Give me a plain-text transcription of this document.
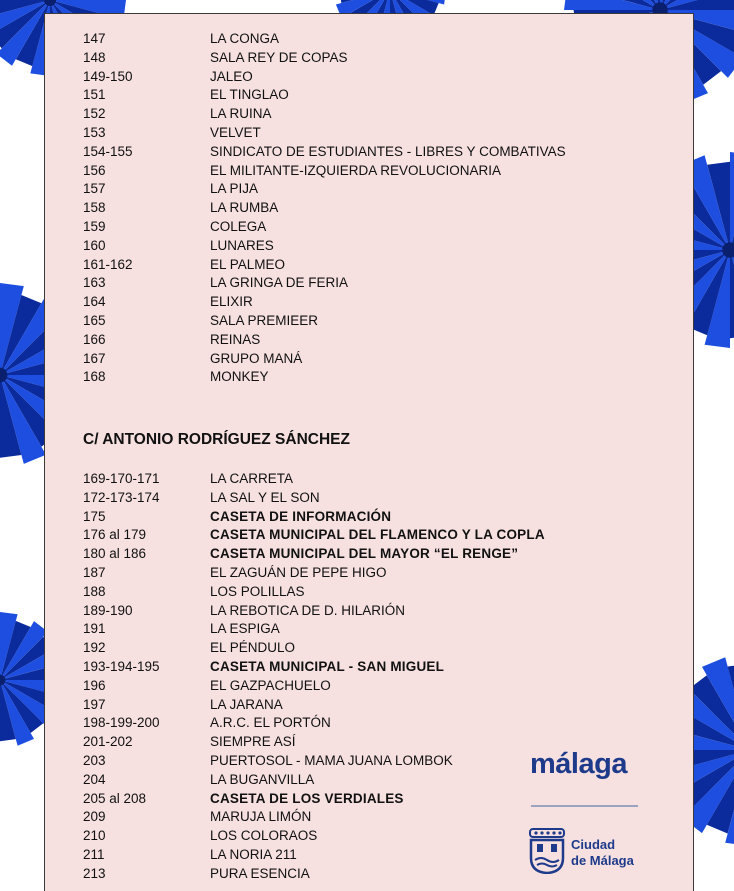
147	LA CONGA
148	SALA REY DE COPAS
149-150	JALEO
151	EL TINGLAO
152	LA RUINA
153	VELVET
154-155	SINDICATO DE ESTUDIANTES - LIBRES Y COMBATIVAS
156	EL MILITANTE-IZQUIERDA REVOLUCIONARIA
157	LA PIJA
158	LA RUMBA
159	COLEGA
160	LUNARES
161-162	EL PALMEO
163	LA GRINGA DE FERIA
164	ELIXIR
165	SALA PREMIEER
166	REINAS
167	GRUPO MANÁ
168	MONKEY
C/ ANTONIO RODRÍGUEZ SÁNCHEZ
169-170-171	LA CARRETA
172-173-174	LA SAL Y EL SON
175	CASETA DE INFORMACIÓN
176 al 179	CASETA MUNICIPAL DEL FLAMENCO Y LA COPLA
180 al 186	CASETA MUNICIPAL DEL MAYOR “EL RENGE”
187	EL ZAGUÁN DE PEPE HIGO
188	LOS POLILLAS
189-190	LA REBOTICA DE D. HILARIÓN
191	LA ESPIGA
192	EL PÉNDULO
193-194-195	CASETA MUNICIPAL - SAN MIGUEL
196	EL GAZPACHUELO
197	LA JARANA
198-199-200	A.R.C. EL PORTÓN
201-202	SIEMPRE ASÍ
203	PUERTOSOL - MAMA JUANA LOMBOK
204	LA BUGANVILLA
205 al 208	CASETA DE LOS VERDIALES
209	MARUJA LIMÓN
210	LOS COLORAOS
211	LA NORIA 211
213	PURA ESENCIA
málaga
Ciudad
de Málaga
